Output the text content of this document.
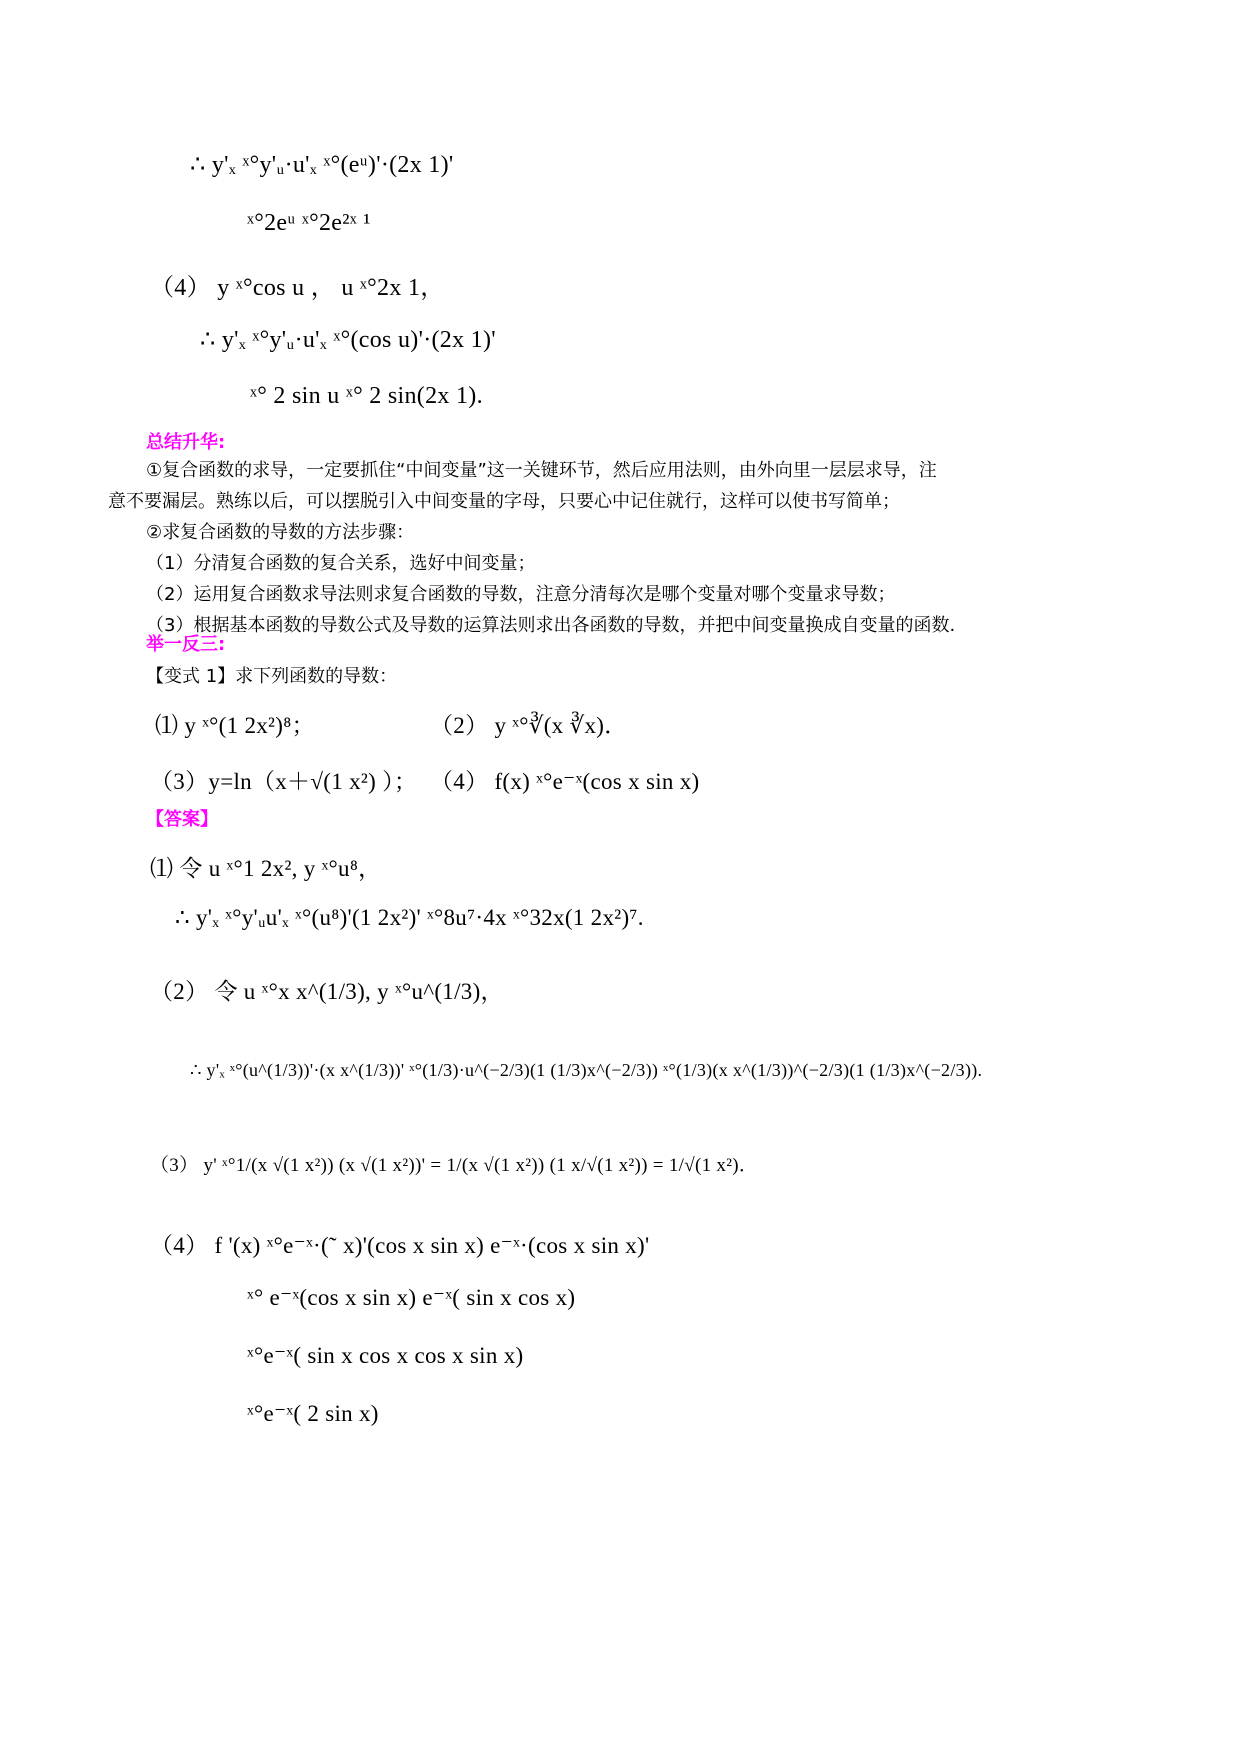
∴ y'ₓ ˣ°y'ᵤ·u'ₓ ˣ°(eᵘ)'·(2x 1)'
ˣ°2eᵘ ˣ°2e²ˣ ¹
（4） y ˣ°cos u ， u ˣ°2x 1，
∴ y'ₓ ˣ°y'ᵤ·u'ₓ ˣ°(cos u)'·(2x 1)'
ˣ° 2 sin u ˣ° 2 sin(2x 1).
总结升华:

①复合函数的求导，一定要抓住“中间变量”这一关键环节，然后应用法则，由外向里一层层求导，注

意不要漏层。熟练以后，可以摆脱引入中间变量的字母，只要心中记住就行，这样可以使书写简单；

②求复合函数的导数的方法步骤：

（1）分清复合函数的复合关系，选好中间变量；

（2）运用复合函数求导法则求复合函数的导数，注意分清每次是哪个变量对哪个变量求导数；

（3）根据基本函数的导数公式及导数的运算法则求出各函数的导数，并把中间变量换成自变量的函数.

举一反三:
【变式 1】求下列函数的导数：
⑴ y ˣ°(1 2x²)⁸；	（2） y ˣ°∛(x ∛x)．
（3）y=ln（x＋√(1 x²) ）； （4） f(x) ˣ°e⁻ˣ(cos x sin x)
【答案】
⑴ 令 u ˣ°1 2x², y ˣ°u⁸，
∴ y'ₓ ˣ°y'ᵤu'ₓ ˣ°(u⁸)'(1 2x²)' ˣ°8u⁷·4x ˣ°32x(1 2x²)⁷.
（2） 令 u ˣ°x x^(1/3), y ˣ°u^(1/3)，
∴ y'ₓ ˣ°(u^(1/3))'·(x x^(1/3))' ˣ°(1/3)·u^(−2/3)(1 (1/3)x^(−2/3)) ˣ°(1/3)(x x^(1/3))^(−2/3)(1 (1/3)x^(−2/3)).
（3） y' ˣ°1/(x √(1 x²)) (x √(1 x²))' = 1/(x √(1 x²)) (1 x/√(1 x²)) = 1/√(1 x²)．
（4） f '(x) ˣ°e⁻ˣ·(˜ x)'(cos x sin x) e⁻ˣ·(cos x sin x)'
ˣ° e⁻ˣ(cos x sin x) e⁻ˣ( sin x cos x)
ˣ°e⁻ˣ( sin x cos x cos x sin x)
ˣ°e⁻ˣ( 2 sin x)
